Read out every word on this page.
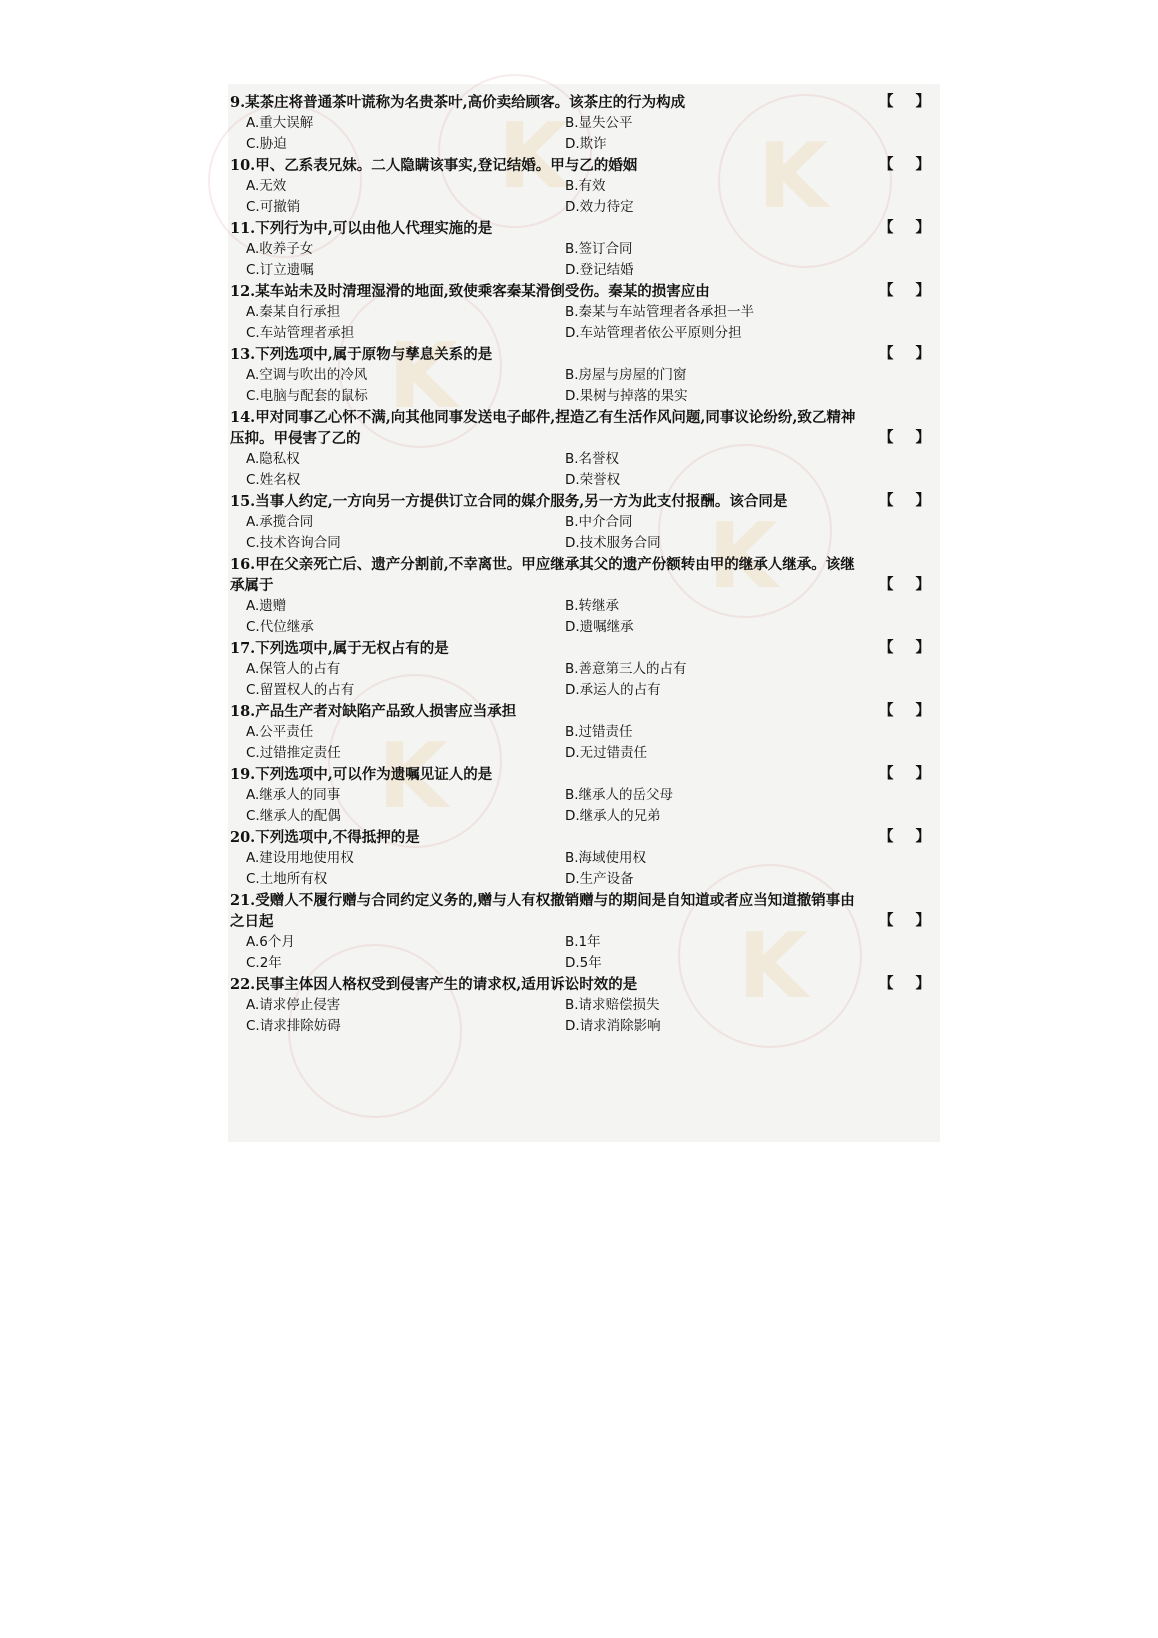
K K
K
K
K
K
9.某茶庄将普通茶叶谎称为名贵茶叶,高价卖给顾客。该茶庄的行为构成	【 】
A.重大误解	B.显失公平
C.胁迫	D.欺诈
10.甲、乙系表兄妹。二人隐瞒该事实,登记结婚。甲与乙的婚姻	【 】
A.无效	B.有效
C.可撤销	D.效力待定
11.下列行为中,可以由他人代理实施的是	【 】
A.收养子女	B.签订合同
C.订立遗嘱	D.登记结婚
12.某车站未及时清理湿滑的地面,致使乘客秦某滑倒受伤。秦某的损害应由	【 】
A.秦某自行承担	B.秦某与车站管理者各承担一半
C.车站管理者承担	D.车站管理者依公平原则分担
13.下列选项中,属于原物与孳息关系的是	【 】
A.空调与吹出的冷风	B.房屋与房屋的门窗
C.电脑与配套的鼠标	D.果树与掉落的果实
14.甲对同事乙心怀不满,向其他同事发送电子邮件,捏造乙有生活作风问题,同事议论纷纷,致乙精神压抑。甲侵害了乙的	【 】
A.隐私权	B.名誉权
C.姓名权	D.荣誉权
15.当事人约定,一方向另一方提供订立合同的媒介服务,另一方为此支付报酬。该合同是	【 】
A.承揽合同	B.中介合同
C.技术咨询合同	D.技术服务合同
16.甲在父亲死亡后、遗产分割前,不幸离世。甲应继承其父的遗产份额转由甲的继承人继承。该继承属于	【 】
A.遗赠	B.转继承
C.代位继承	D.遗嘱继承
17.下列选项中,属于无权占有的是	【 】
A.保管人的占有	B.善意第三人的占有
C.留置权人的占有	D.承运人的占有
18.产品生产者对缺陷产品致人损害应当承担	【 】
A.公平责任	B.过错责任
C.过错推定责任	D.无过错责任
19.下列选项中,可以作为遗嘱见证人的是	【 】
A.继承人的同事	B.继承人的岳父母
C.继承人的配偶	D.继承人的兄弟
20.下列选项中,不得抵押的是	【 】
A.建设用地使用权	B.海域使用权
C.土地所有权	D.生产设备
21.受赠人不履行赠与合同约定义务的,赠与人有权撤销赠与的期间是自知道或者应当知道撤销事由之日起	【 】
A.6个月	B.1年
C.2年	D.5年
22.民事主体因人格权受到侵害产生的请求权,适用诉讼时效的是	【 】
A.请求停止侵害	B.请求赔偿损失
C.请求排除妨碍	D.请求消除影响
